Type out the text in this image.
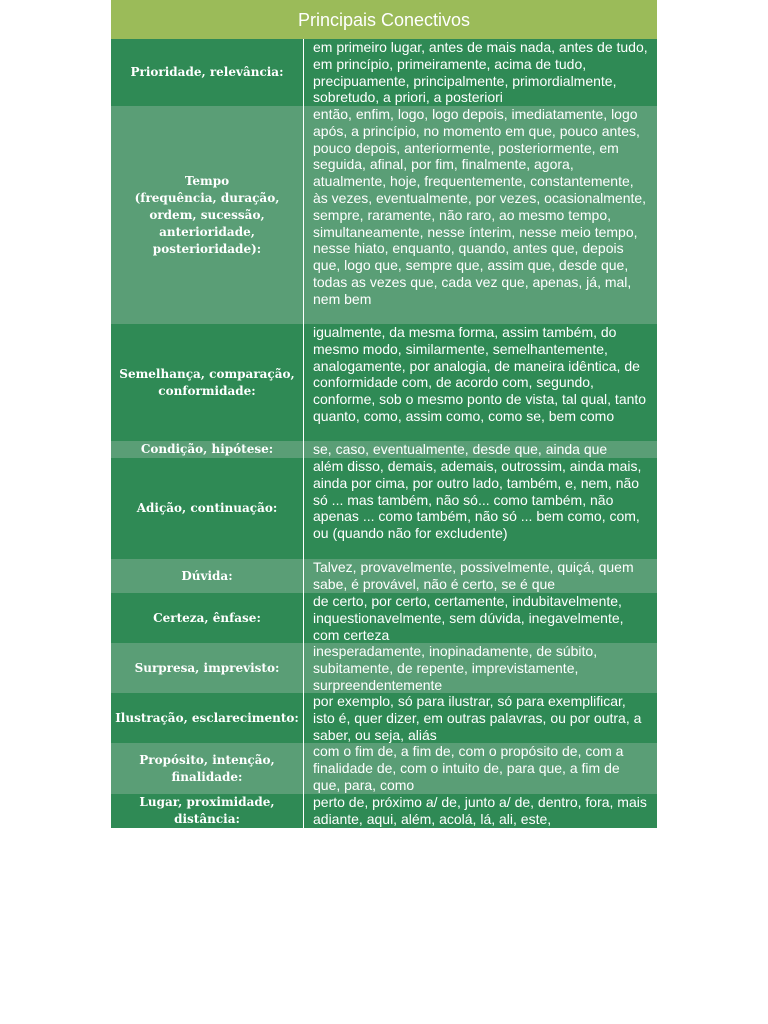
Principais Conectivos
Prioridade, relevância:
em primeiro lugar, antes de mais nada, antes de tudo, em princípio, primeiramente, acima de tudo, precipuamente, principalmente, primordialmente, sobretudo, a priori, a posteriori
Tempo
(frequência, duração, ordem, sucessão, anterioridade, posterioridade):
então, enfim, logo, logo depois, imediatamente, logo após, a princípio, no momento em que, pouco antes, pouco depois, anteriormente, posteriormente, em seguida, afinal, por fim, finalmente, agora, atualmente, hoje, frequentemente, constantemente, às vezes, eventualmente, por vezes, ocasionalmente, sempre, raramente, não raro, ao mesmo tempo, simultaneamente, nesse ínterim, nesse meio tempo, nesse hiato, enquanto, quando, antes que, depois que, logo que, sempre que, assim que, desde que, todas as vezes que, cada vez que, apenas, já, mal, nem bem
Semelhança, comparação, conformidade:
igualmente, da mesma forma, assim também, do mesmo modo, similarmente, semelhantemente, analogamente, por analogia, de maneira idêntica, de conformidade com, de acordo com, segundo, conforme, sob o mesmo ponto de vista, tal qual, tanto quanto, como, assim como, como se, bem como
Condição, hipótese:	se, caso, eventualmente, desde que, ainda que
Adição, continuação:
além disso, demais, ademais, outrossim, ainda mais, ainda por cima, por outro lado, também, e, nem, não só ... mas também, não só... como também, não apenas ... como também, não só ... bem como, com, ou (quando não for excludente)
Dúvida:
Talvez, provavelmente, possivelmente, quiçá, quem sabe, é provável, não é certo, se é que
Certeza, ênfase:
de certo, por certo, certamente, indubitavelmente, inquestionavelmente, sem dúvida, inegavelmente, com certeza
Surpresa, imprevisto:
inesperadamente, inopinadamente, de súbito, subitamente, de repente, imprevistamente, surpreendentemente
Ilustração, esclarecimento:
por exemplo, só para ilustrar, só para exemplificar, isto é, quer dizer, em outras palavras, ou por outra, a saber, ou seja, aliás
Propósito, intenção, finalidade:
com o fim de, a fim de, com o propósito de, com a finalidade de, com o intuito de, para que, a fim de que, para, como
Lugar, proximidade, distância:
perto de, próximo a/ de, junto a/ de, dentro, fora, mais adiante, aqui, além, acolá, lá, ali, este,
